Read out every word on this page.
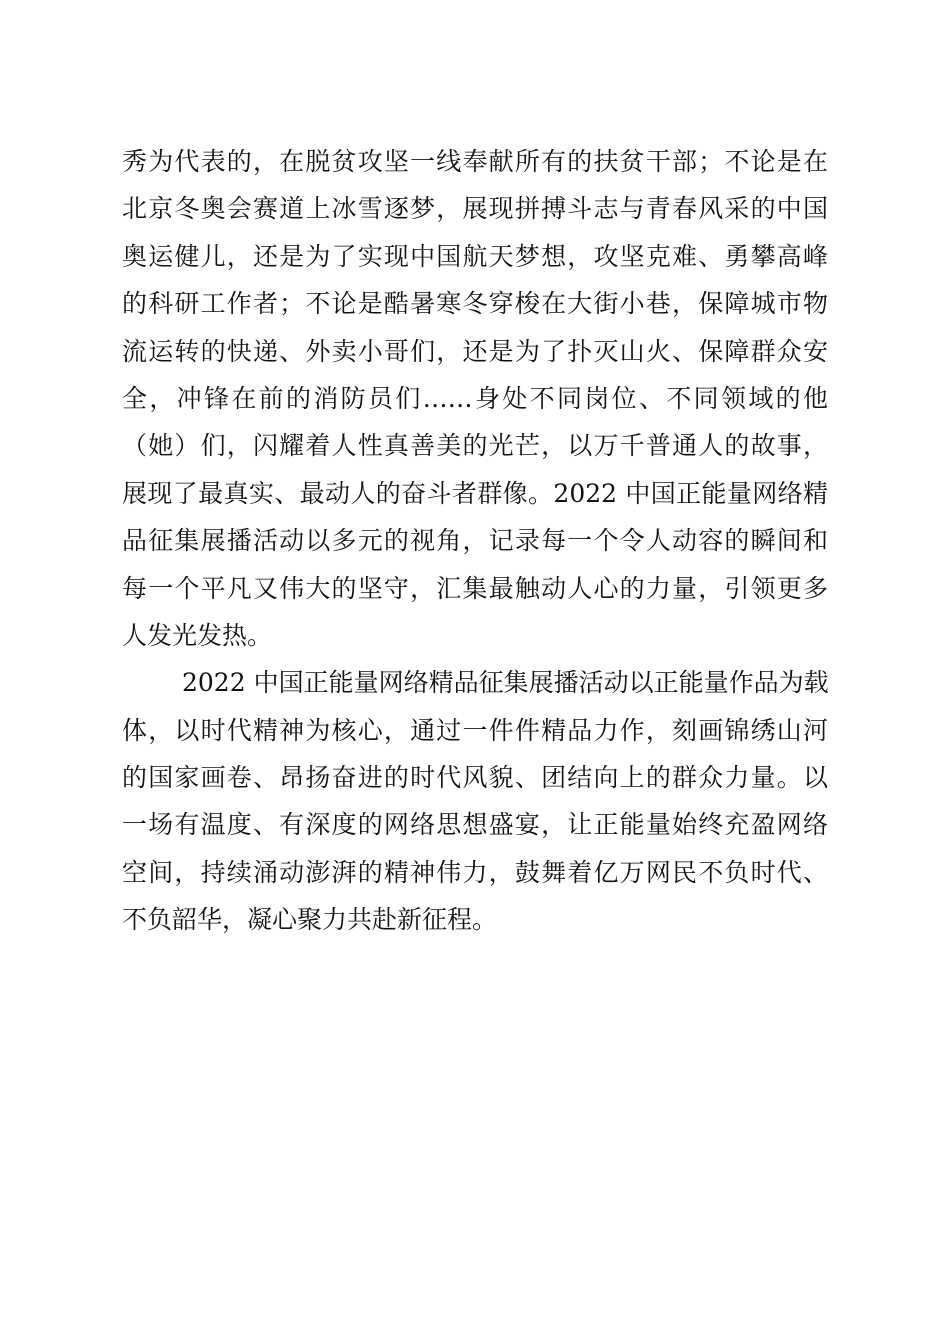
秀为代表的，在脱贫攻坚一线奉献所有的扶贫干部；不论是在
北京冬奥会赛道上冰雪逐梦，展现拼搏斗志与青春风采的中国
奥运健儿，还是为了实现中国航天梦想，攻坚克难、勇攀高峰
的科研工作者；不论是酷暑寒冬穿梭在大街小巷，保障城市物
流运转的快递、外卖小哥们，还是为了扑灭山火、保障群众安
全，冲锋在前的消防员们……身处不同岗位、不同领域的他
（她）们，闪耀着人性真善美的光芒，以万千普通人的故事，
展现了最真实、最动人的奋斗者群像。2022 中国正能量网络精
品征集展播活动以多元的视角，记录每一个令人动容的瞬间和
每一个平凡又伟大的坚守，汇集最触动人心的力量，引领更多
人发光发热。
2022 中国正能量网络精品征集展播活动以正能量作品为载
体，以时代精神为核心，通过一件件精品力作，刻画锦绣山河
的国家画卷、昂扬奋进的时代风貌、团结向上的群众力量。以
一场有温度、有深度的网络思想盛宴，让正能量始终充盈网络
空间，持续涌动澎湃的精神伟力，鼓舞着亿万网民不负时代、
不负韶华，凝心聚力共赴新征程。
